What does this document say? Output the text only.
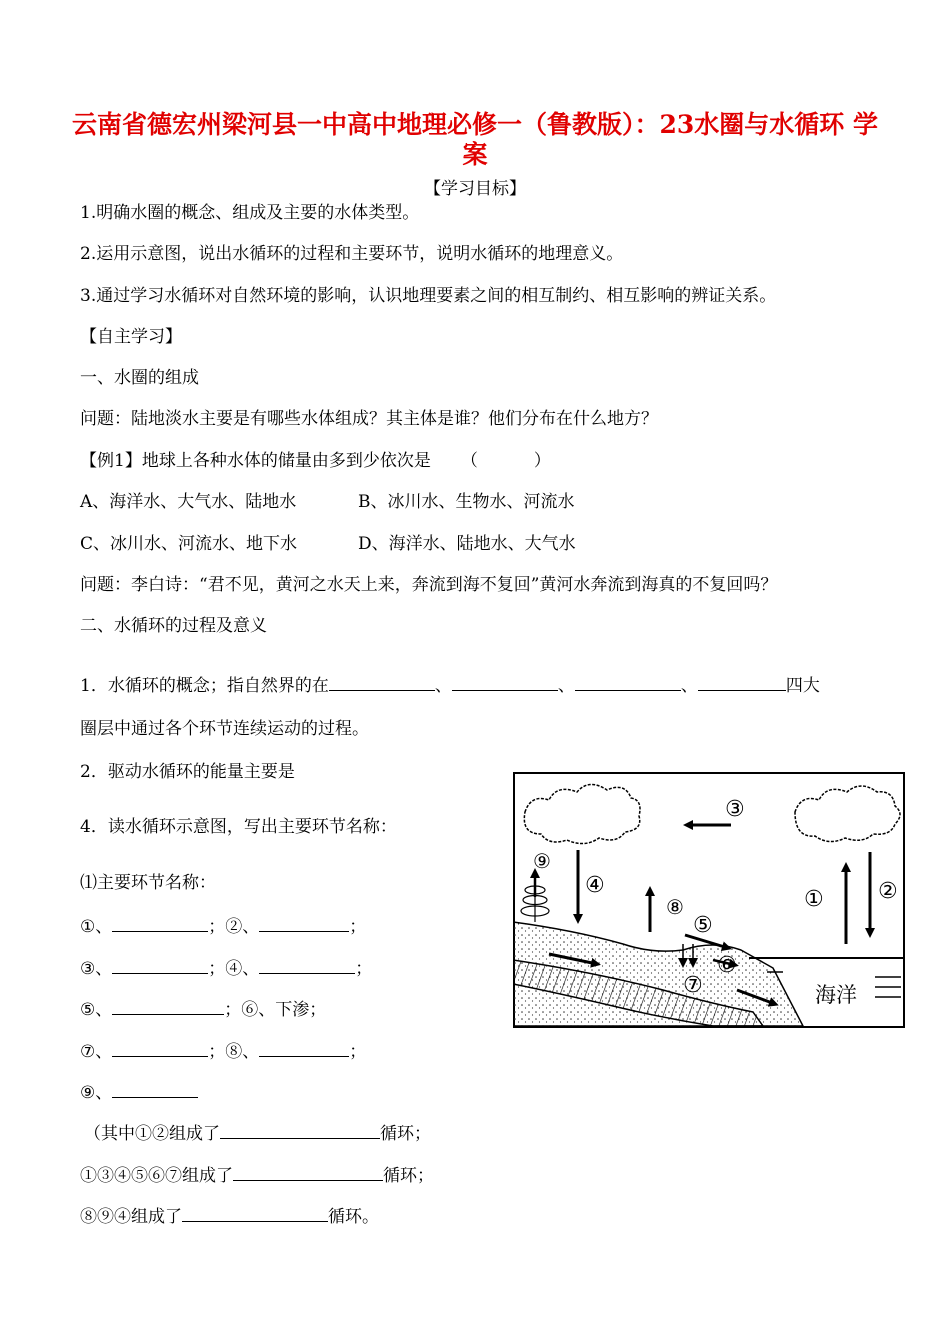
云南省德宏州梁河县一中高中地理必修一（鲁教版）：23水圈与水循环 学案
【学习目标】
1.明确水圈的概念、组成及主要的水体类型。
2.运用示意图，说出水循环的过程和主要环节，说明水循环的地理意义。
3.通过学习水循环对自然环境的影响，认识地理要素之间的相互制约、相互影响的辨证关系。
【自主学习】
一、水圈的组成
问题：陆地淡水主要是有哪些水体组成？其主体是谁？他们分布在什么地方？
【例1】地球上各种水体的储量由多到少依次是 （	）
A、海洋水、大气水、陆地水	B、冰川水、生物水、河流水
C、冰川水、河流水、地下水	D、海洋水、陆地水、大气水
问题：李白诗：“君不见，黄河之水天上来，奔流到海不复回”黄河水奔流到海真的不复回吗？
二、水循环的过程及意义
1．水循环的概念；指自然界的在	、	、	、	四大
圈层中通过各个环节连续运动的过程。
2．驱动水循环的能量主要是
4．读水循环示意图，写出主要环节名称：
⑴主要环节名称：
①、	；②、	；
③、	；④、	；
⑤、	；⑥、下渗；
⑦、	；⑧、	；
⑨、
（其中①②组成了	循环；
①③④⑤⑥⑦组成了	循环；
⑧⑨④组成了	循环。
③
④
⑨
⑧
⑤
⑥
⑦
① ②
海洋
